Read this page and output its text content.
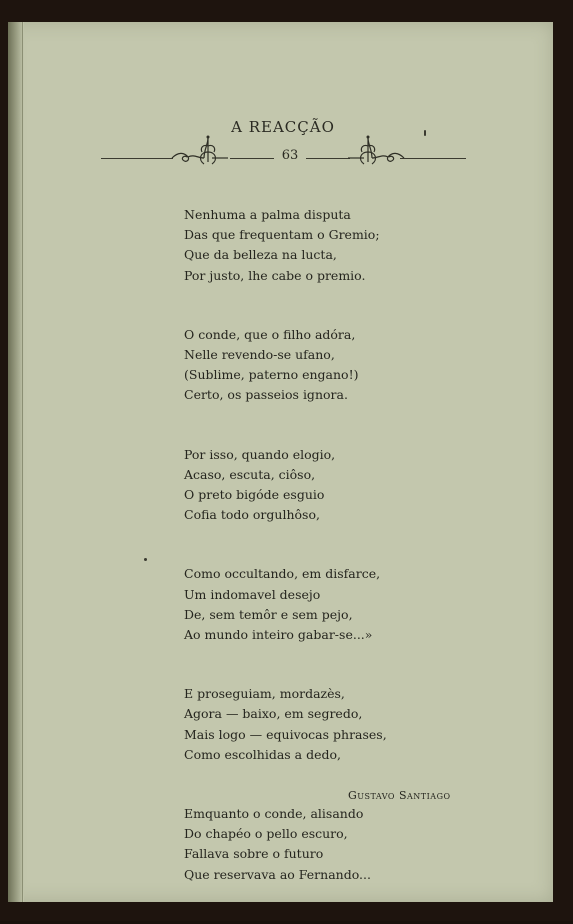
A REACÇÃO
63
Nenhuma a palma disputa
Das que frequentam o Gremio;
Que da belleza na lucta,
Por justo, lhe cabe o premio.
O conde, que o filho adóra,
Nelle revendo-se ufano,
(Sublime, paterno engano!)
Certo, os passeios ignora.
Por isso, quando elogio,
Acaso, escuta, ciôso,
O preto bigóde esguio
Cofia todo orgulhôso,
Como occultando, em disfarce,
Um indomavel desejo
De, sem temôr e sem pejo,
Ao mundo inteiro gabar-se...»
E proseguiam, mordazès,
Agora — baixo, em segredo,
Mais logo — equivocas phrases,
Como escolhidas a dedo,
Emquanto o conde, alisando
Do chapéo o pello escuro,
Fallava sobre o futuro
Que reservava ao Fernando...
Gustavo Santiago
